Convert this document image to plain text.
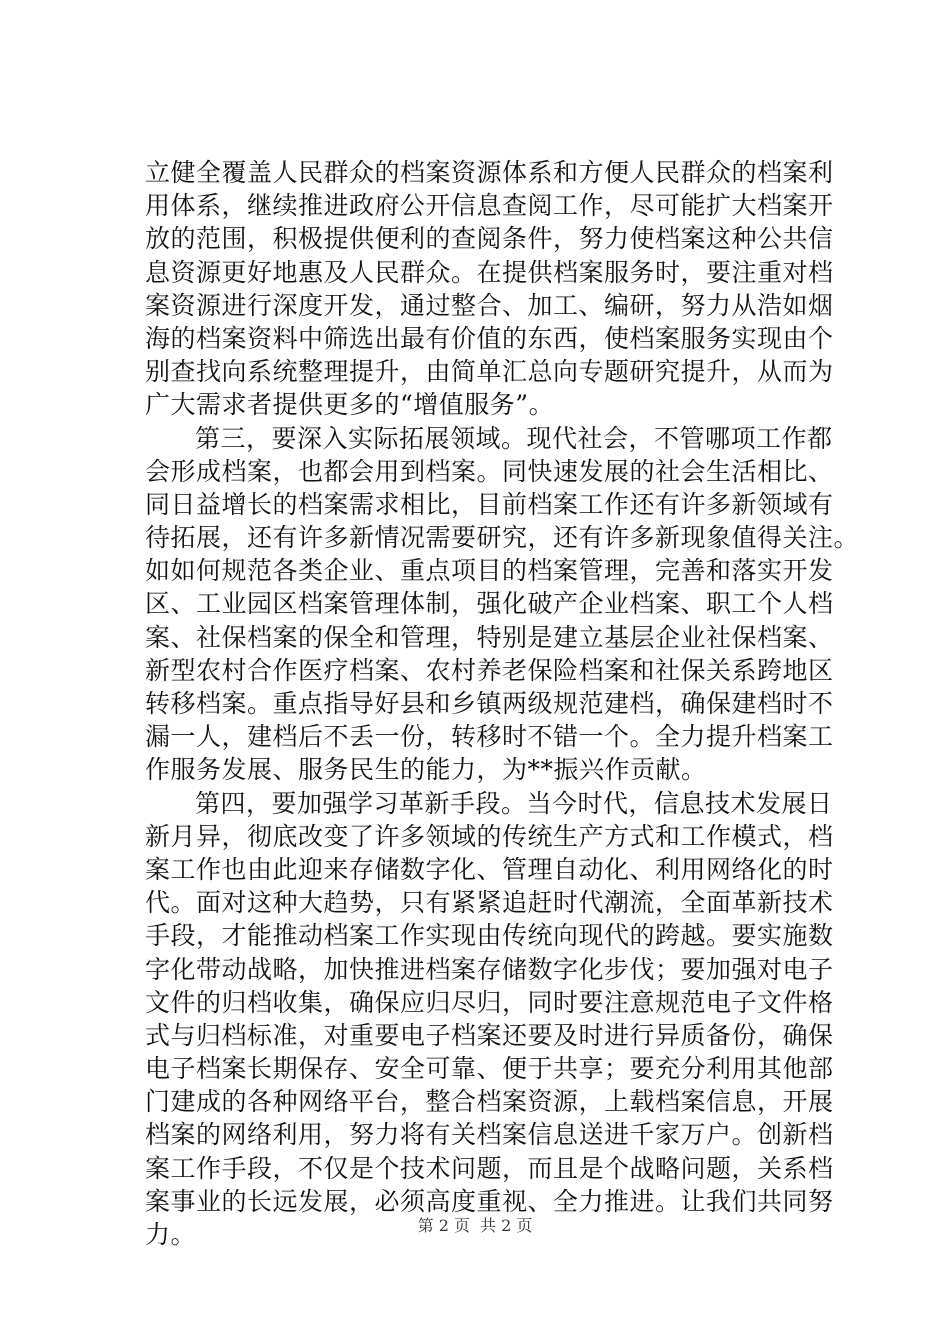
立健全覆盖人民群众的档案资源体系和方便人民群众的档案利
用体系，继续推进政府公开信息查阅工作，尽可能扩大档案开
放的范围，积极提供便利的查阅条件，努力使档案这种公共信
息资源更好地惠及人民群众。在提供档案服务时，要注重对档
案资源进行深度开发，通过整合、加工、编研，努力从浩如烟
海的档案资料中筛选出最有价值的东西，使档案服务实现由个
别查找向系统整理提升，由简单汇总向专题研究提升，从而为
广大需求者提供更多的“增值服务”。
第三，要深入实际拓展领域。现代社会，不管哪项工作都
会形成档案，也都会用到档案。同快速发展的社会生活相比、
同日益增长的档案需求相比，目前档案工作还有许多新领域有
待拓展，还有许多新情况需要研究，还有许多新现象值得关注。
如如何规范各类企业、重点项目的档案管理，完善和落实开发
区、工业园区档案管理体制，强化破产企业档案、职工个人档
案、社保档案的保全和管理，特别是建立基层企业社保档案、
新型农村合作医疗档案、农村养老保险档案和社保关系跨地区
转移档案。重点指导好县和乡镇两级规范建档，确保建档时不
漏一人，建档后不丢一份，转移时不错一个。全力提升档案工
作服务发展、服务民生的能力，为**振兴作贡献。
第四，要加强学习革新手段。当今时代，信息技术发展日
新月异，彻底改变了许多领域的传统生产方式和工作模式，档
案工作也由此迎来存储数字化、管理自动化、利用网络化的时
代。面对这种大趋势，只有紧紧追赶时代潮流，全面革新技术
手段，才能推动档案工作实现由传统向现代的跨越。要实施数
字化带动战略，加快推进档案存储数字化步伐；要加强对电子
文件的归档收集，确保应归尽归，同时要注意规范电子文件格
式与归档标准，对重要电子档案还要及时进行异质备份，确保
电子档案长期保存、安全可靠、便于共享；要充分利用其他部
门建成的各种网络平台，整合档案资源，上载档案信息，开展
档案的网络利用，努力将有关档案信息送进千家万户。创新档
案工作手段，不仅是个技术问题，而且是个战略问题，关系档
案事业的长远发展，必须高度重视、全力推进。让我们共同努
力。	第 2 页 共 2 页
